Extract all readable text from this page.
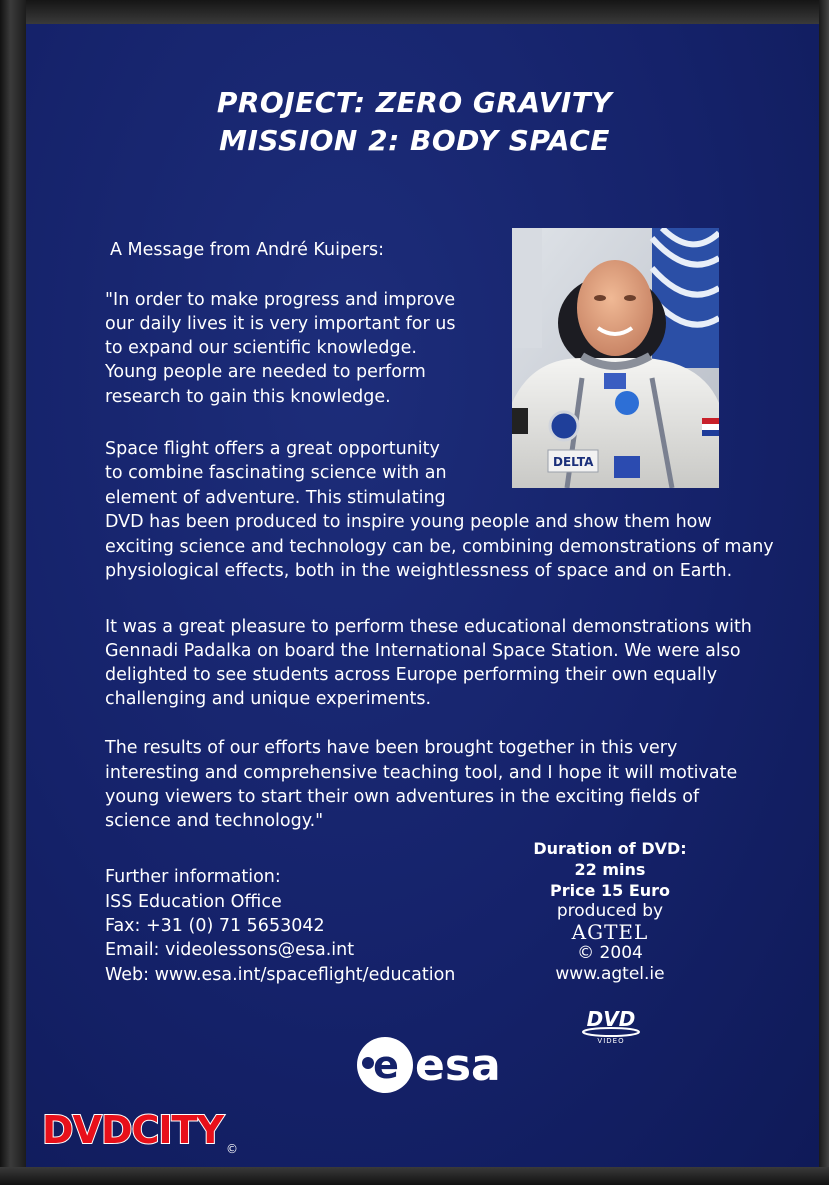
PROJECT: ZERO GRAVITY
MISSION 2: BODY SPACE
A Message from André Kuipers:
"In order to make progress and improve
our daily lives it is very important for us
to expand our scientific knowledge.
Young people are needed to perform
research to gain this knowledge.
Space flight offers a great opportunity
to combine fascinating science with an
element of adventure. This stimulating
DVD has been produced to inspire young people and show them how
exciting science and technology can be, combining demonstrations of many
physiological effects, both in the weightlessness of space and on Earth.
It was a great pleasure to perform these educational demonstrations with
Gennadi Padalka on board the International Space Station. We were also
delighted to see students across Europe performing their own equally
challenging and unique experiments.
The results of our efforts have been brought together in this very
interesting and comprehensive teaching tool, and I hope it will motivate
young viewers to start their own adventures in the exciting fields of
science and technology."
DELTA
Further information:
ISS Education Office
Fax: +31 (0) 71 5653042
Email: videolessons@esa.int
Web: www.esa.int/spaceflight/education
Duration of DVD:
22 mins
Price 15 Euro
produced by
AGTEL
© 2004
www.agtel.ie
DVD
VIDEO
e esa
DVDCITY ©
